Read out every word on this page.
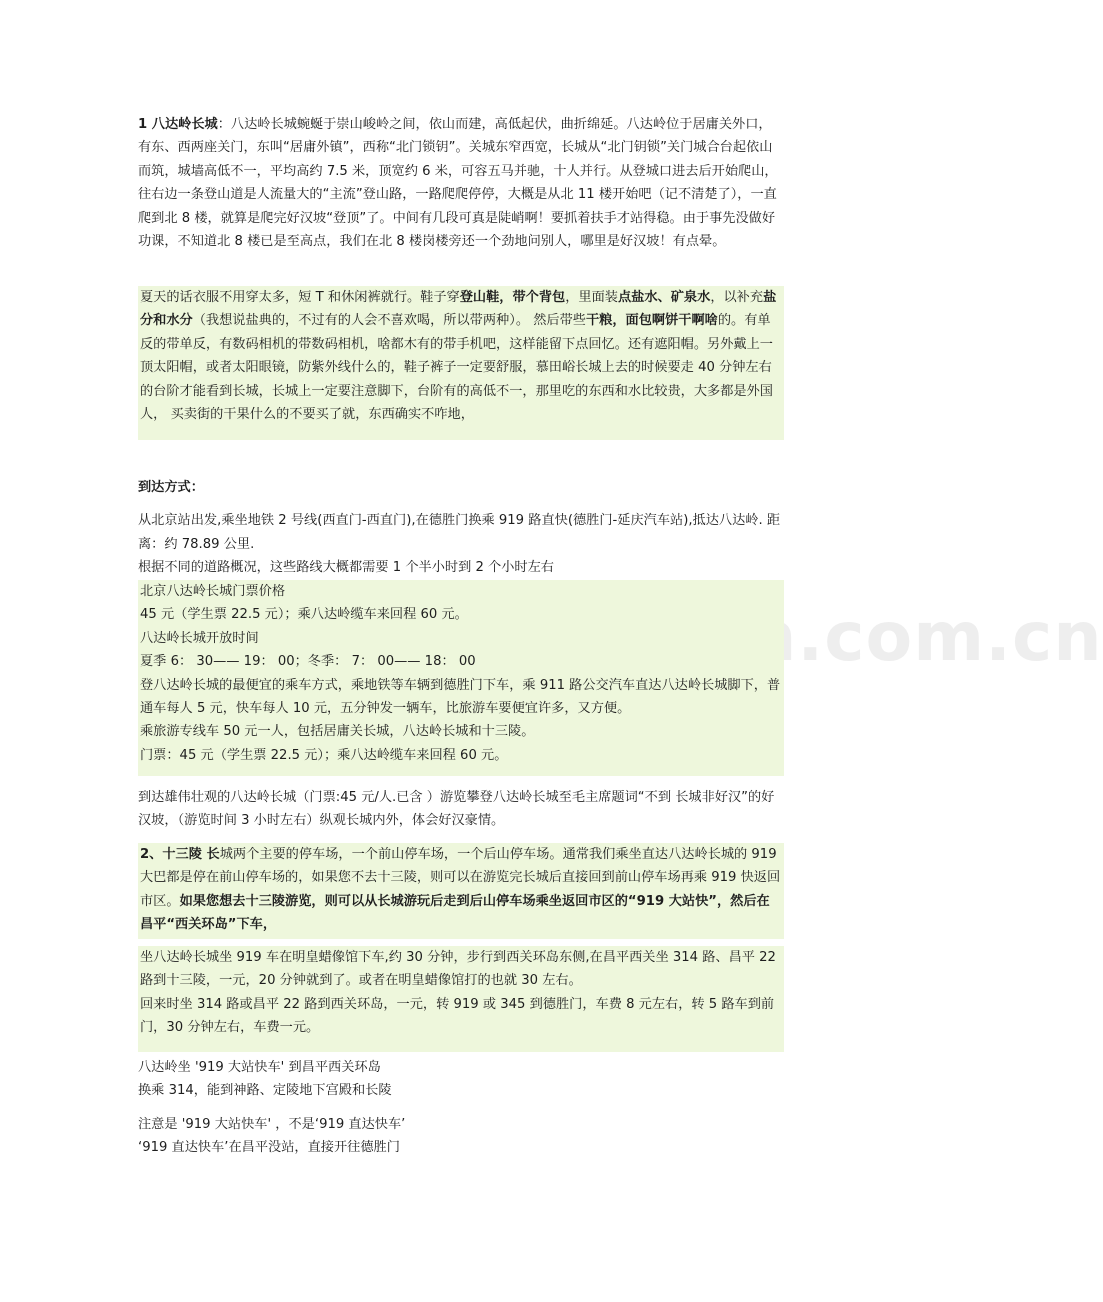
1 八达岭长城：八达岭长城蜿蜒于崇山峻岭之间，依山而建，高低起伏，曲折绵延。八达岭位于居庸关外口，有东、西两座关门，东叫“居庸外镇”，西称“北门锁钥”。关城东窄西宽，长城从“北门钥锁”关门城合台起依山而筑，城墙高低不一，平均高约 7.5 米，顶宽约 6 米，可容五马并驰，十人并行。从登城口进去后开始爬山，往右边一条登山道是人流量大的“主流”登山路，一路爬爬停停，大概是从北 11 楼开始吧（记不清楚了），一直爬到北 8 楼，就算是爬完好汉坡“登顶”了。中间有几段可真是陡峭啊！要抓着扶手才站得稳。由于事先没做好功课，不知道北 8 楼已是至高点，我们在北 8 楼岗楼旁还一个劲地问别人，哪里是好汉坡！有点晕。

夏天的话衣服不用穿太多，短 T 和休闲裤就行。鞋子穿登山鞋，带个背包，里面装点盐水、矿泉水，以补充盐分和水分（我想说盐典的，不过有的人会不喜欢喝，所以带两种）。 然后带些干粮，面包啊饼干啊啥的。有单反的带单反，有数码相机的带数码相机，啥都木有的带手机吧，这样能留下点回忆。还有遮阳帽。另外戴上一顶太阳帽，或者太阳眼镜，防紫外线什么的，鞋子裤子一定要舒服，慕田峪长城上去的时候要走 40 分钟左右的台阶才能看到长城，长城上一定要注意脚下，台阶有的高低不一，那里吃的东西和水比较贵，大多都是外国人， 买卖街的干果什么的不要买了就，东西确实不咋地，

到达方式：

从北京站出发,乘坐地铁 2 号线(西直门-西直门),在德胜门换乘 919 路直快(德胜门-延庆汽车站),抵达八达岭. 距离：约 78.89 公里.

根据不同的道路概况，这些路线大概都需要 1 个半小时到 2 个小时左右

北京八达岭长城门票价格

45 元（学生票 22.5 元）；乘八达岭缆车来回程 60 元。

八达岭长城开放时间

夏季 6： 30—— 19： 00；冬季： 7： 00—— 18： 00

登八达岭长城的最便宜的乘车方式，乘地铁等车辆到德胜门下车，乘 911 路公交汽车直达八达岭长城脚下，普通车每人 5 元，快车每人 10 元，五分钟发一辆车，比旅游车要便宜许多，又方便。

乘旅游专线车 50 元一人，包括居庸关长城，八达岭长城和十三陵。

门票：45 元（学生票 22.5 元）；乘八达岭缆车来回程 60 元。

到达雄伟壮观的八达岭长城（门票:45 元/人.已含 ）游览攀登八达岭长城至毛主席题词“不到 长城非好汉”的好汉坡，（游览时间 3 小时左右）纵观长城内外，体会好汉豪情。

2、十三陵 长城两个主要的停车场，一个前山停车场，一个后山停车场。通常我们乘坐直达八达岭长城的 919 大巴都是停在前山停车场的，如果您不去十三陵，则可以在游览完长城后直接回到前山停车场再乘 919 快返回市区。如果您想去十三陵游览，则可以从长城游玩后走到后山停车场乘坐返回市区的“919 大站快”，然后在昌平“西关环岛”下车，

坐八达岭长城坐 919 车在明皇蜡像馆下车,约 30 分钟，步行到西关环岛东侧,在昌平西关坐 314 路、昌平 22 路到十三陵，一元，20 分钟就到了。或者在明皇蜡像馆打的也就 30 左右。

回来时坐 314 路或昌平 22 路到西关环岛，一元，转 919 或 345 到德胜门，车费 8 元左右，转 5 路车到前门，30 分钟左右，车费一元。

八达岭坐 '919 大站快车' 到昌平西关环岛

换乘 314，能到神路、定陵地下宫殿和长陵

注意是 '919 大站快车' ，不是‘919 直达快车’

‘919 直达快车’在昌平没站，直接开往德胜门
